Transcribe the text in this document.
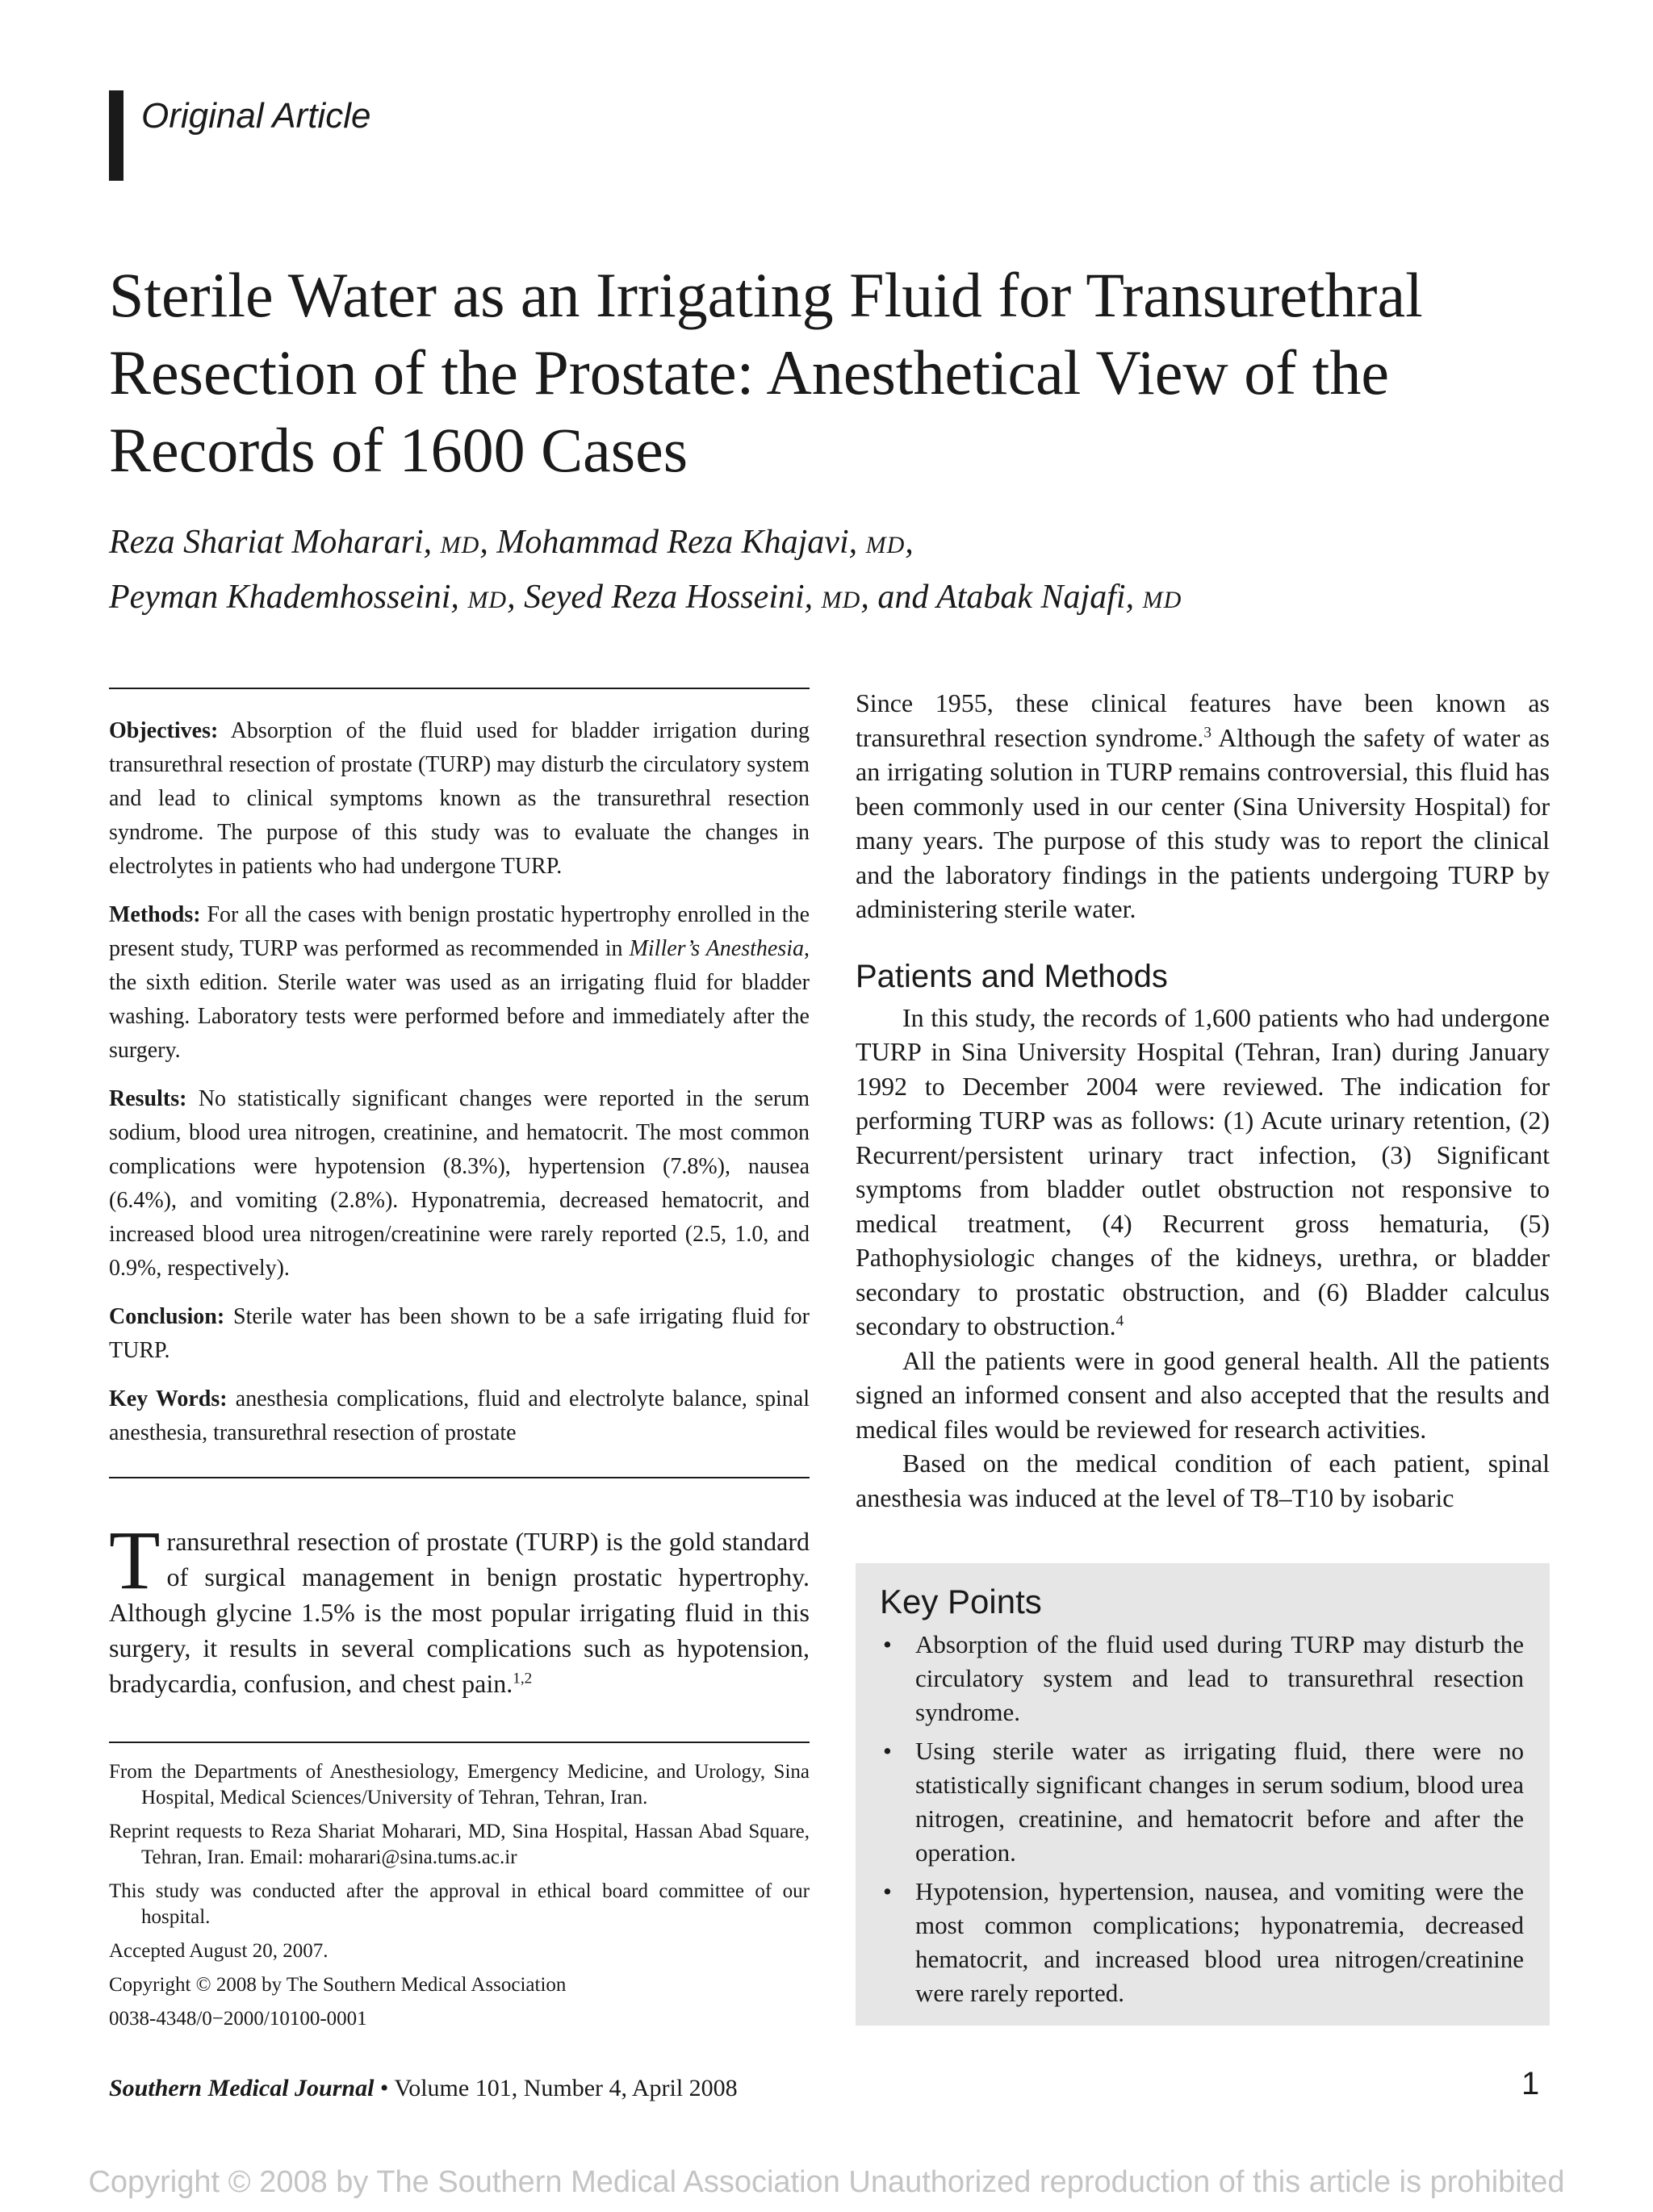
Original Article
Sterile Water as an Irrigating Fluid for Transurethral Resection of the Prostate: Anesthetical View of the Records of 1600 Cases
Reza Shariat Moharari, MD, Mohammad Reza Khajavi, MD,
Peyman Khademhosseini, MD, Seyed Reza Hosseini, MD, and Atabak Najafi, MD

Objectives: Absorption of the fluid used for bladder irrigation during transurethral resection of prostate (TURP) may disturb the circulatory system and lead to clinical symptoms known as the transurethral resection syndrome. The purpose of this study was to evaluate the changes in electrolytes in patients who had undergone TURP.

Methods: For all the cases with benign prostatic hypertrophy enrolled in the present study, TURP was performed as recommended in Miller’s Anesthesia, the sixth edition. Sterile water was used as an irrigating fluid for bladder washing. Laboratory tests were performed before and immediately after the surgery.

Results: No statistically significant changes were reported in the serum sodium, blood urea nitrogen, creatinine, and hematocrit. The most common complications were hypotension (8.3%), hypertension (7.8%), nausea (6.4%), and vomiting (2.8%). Hyponatremia, decreased hematocrit, and increased blood urea nitrogen/creatinine were rarely reported (2.5, 1.0, and 0.9%, respectively).

Conclusion: Sterile water has been shown to be a safe irrigating fluid for TURP.

Key Words: anesthesia complications, fluid and electrolyte balance, spinal anesthesia, transurethral resection of prostate

Transurethral resection of prostate (TURP) is the gold standard of surgical management in benign prostatic hypertrophy. Although glycine 1.5% is the most popular irrigating fluid in this surgery, it results in several complications such as hypotension, bradycardia, confusion, and chest pain.$^{1,2}$

From the Departments of Anesthesiology, Emergency Medicine, and Urology, Sina Hospital, Medical Sciences/University of Tehran, Tehran, Iran.

Reprint requests to Reza Shariat Moharari, MD, Sina Hospital, Hassan Abad Square, Tehran, Iran. Email: moharari@sina.tums.ac.ir

This study was conducted after the approval in ethical board committee of our hospital.

Accepted August 20, 2007.

Copyright © 2008 by The Southern Medical Association

0038-4348/0−2000/10100-0001

Since 1955, these clinical features have been known as transurethral resection syndrome.$^3$ Although the safety of water as an irrigating solution in TURP remains controversial, this fluid has been commonly used in our center (Sina University Hospital) for many years. The purpose of this study was to report the clinical and the laboratory findings in the patients undergoing TURP by administering sterile water.

Patients and Methods

In this study, the records of 1,600 patients who had undergone TURP in Sina University Hospital (Tehran, Iran) during January 1992 to December 2004 were reviewed. The indication for performing TURP was as follows: (1) Acute urinary retention, (2) Recurrent/persistent urinary tract infection, (3) Significant symptoms from bladder outlet obstruction not responsive to medical treatment, (4) Recurrent gross hematuria, (5) Pathophysiologic changes of the kidneys, urethra, or bladder secondary to prostatic obstruction, and (6) Bladder calculus secondary to obstruction.$^4$

All the patients were in good general health. All the patients signed an informed consent and also accepted that the results and medical files would be reviewed for research activities.

Based on the medical condition of each patient, spinal anesthesia was induced at the level of T8–T10 by isobaric

Key Points
• Absorption of the fluid used during TURP may disturb the circulatory system and lead to transurethral resection syndrome.
• Using sterile water as irrigating fluid, there were no statistically significant changes in serum sodium, blood urea nitrogen, creatinine, and hematocrit before and after the operation.
• Hypotension, hypertension, nausea, and vomiting were the most common complications; hyponatremia, decreased hematocrit, and increased blood urea nitrogen/creatinine were rarely reported.
Southern Medical Journal • Volume 101, Number 4, April 2008	1
Copyright © 2008 by The Southern Medical Association Unauthorized reproduction of this article is prohibited
